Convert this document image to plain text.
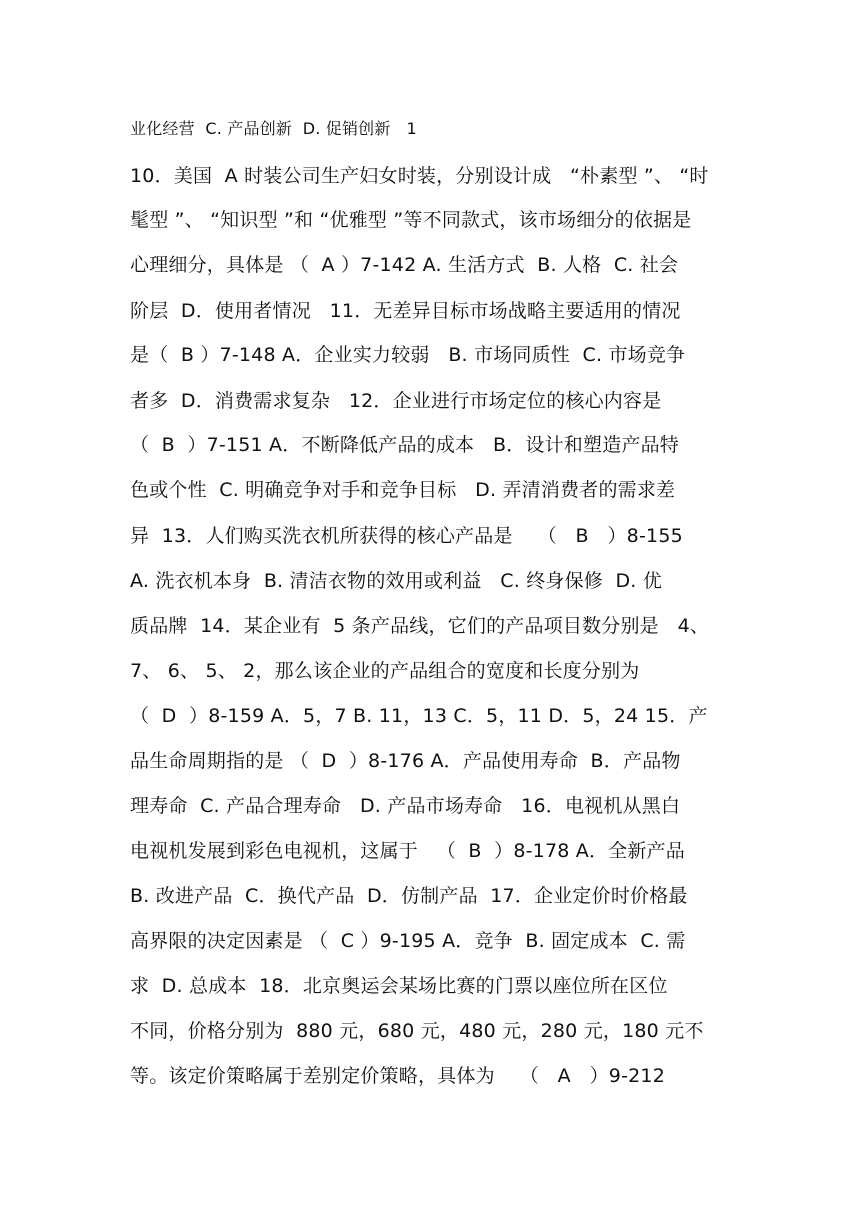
业化经营  C. 产品创新  D. 促销创新   1
10．美国  A 时装公司生产妇女时装，分别设计成   “朴素型 ”、 “时
髦型 ”、 “知识型 ”和 “优雅型 ”等不同款式，该市场细分的依据是
心理细分，具体是 （  A ）7-142 A. 生活方式  B. 人格  C. 社会
阶层  D．使用者情况   11．无差异目标市场战略主要适用的情况
是（  B ）7-148 A．企业实力较弱   B. 市场同质性  C. 市场竞争
者多  D．消费需求复杂   12．企业进行市场定位的核心内容是
（  B  ）7-151 A．不断降低产品的成本   B．设计和塑造产品特
色或个性  C. 明确竞争对手和竞争目标   D. 弄清消费者的需求差
异  13．人们购买洗衣机所获得的核心产品是    （   B   ）8-155
A. 洗衣机本身  B. 清洁衣物的效用或利益   C. 终身保修  D. 优
质品牌  14．某企业有  5 条产品线，它们的产品项目数分别是   4、
7、 6、 5、 2，那么该企业的产品组合的宽度和长度分别为
（  D  ）8-159 A．5，7 B. 11，13 C．5，11 D．5，24 15．产
品生命周期指的是 （  D  ）8-176 A．产品使用寿命  B．产品物
理寿命  C. 产品合理寿命   D. 产品市场寿命   16．电视机从黑白
电视机发展到彩色电视机，这属于   （  B  ）8-178 A．全新产品
B. 改进产品  C．换代产品  D．仿制产品  17．企业定价时价格最
高界限的决定因素是 （  C ）9-195 A．竞争  B. 固定成本  C. 需
求  D. 总成本  18．北京奥运会某场比赛的门票以座位所在区位
不同，价格分别为  880 元，680 元，480 元，280 元，180 元不
等。该定价策略属于差别定价策略，具体为    （   A   ）9-212
